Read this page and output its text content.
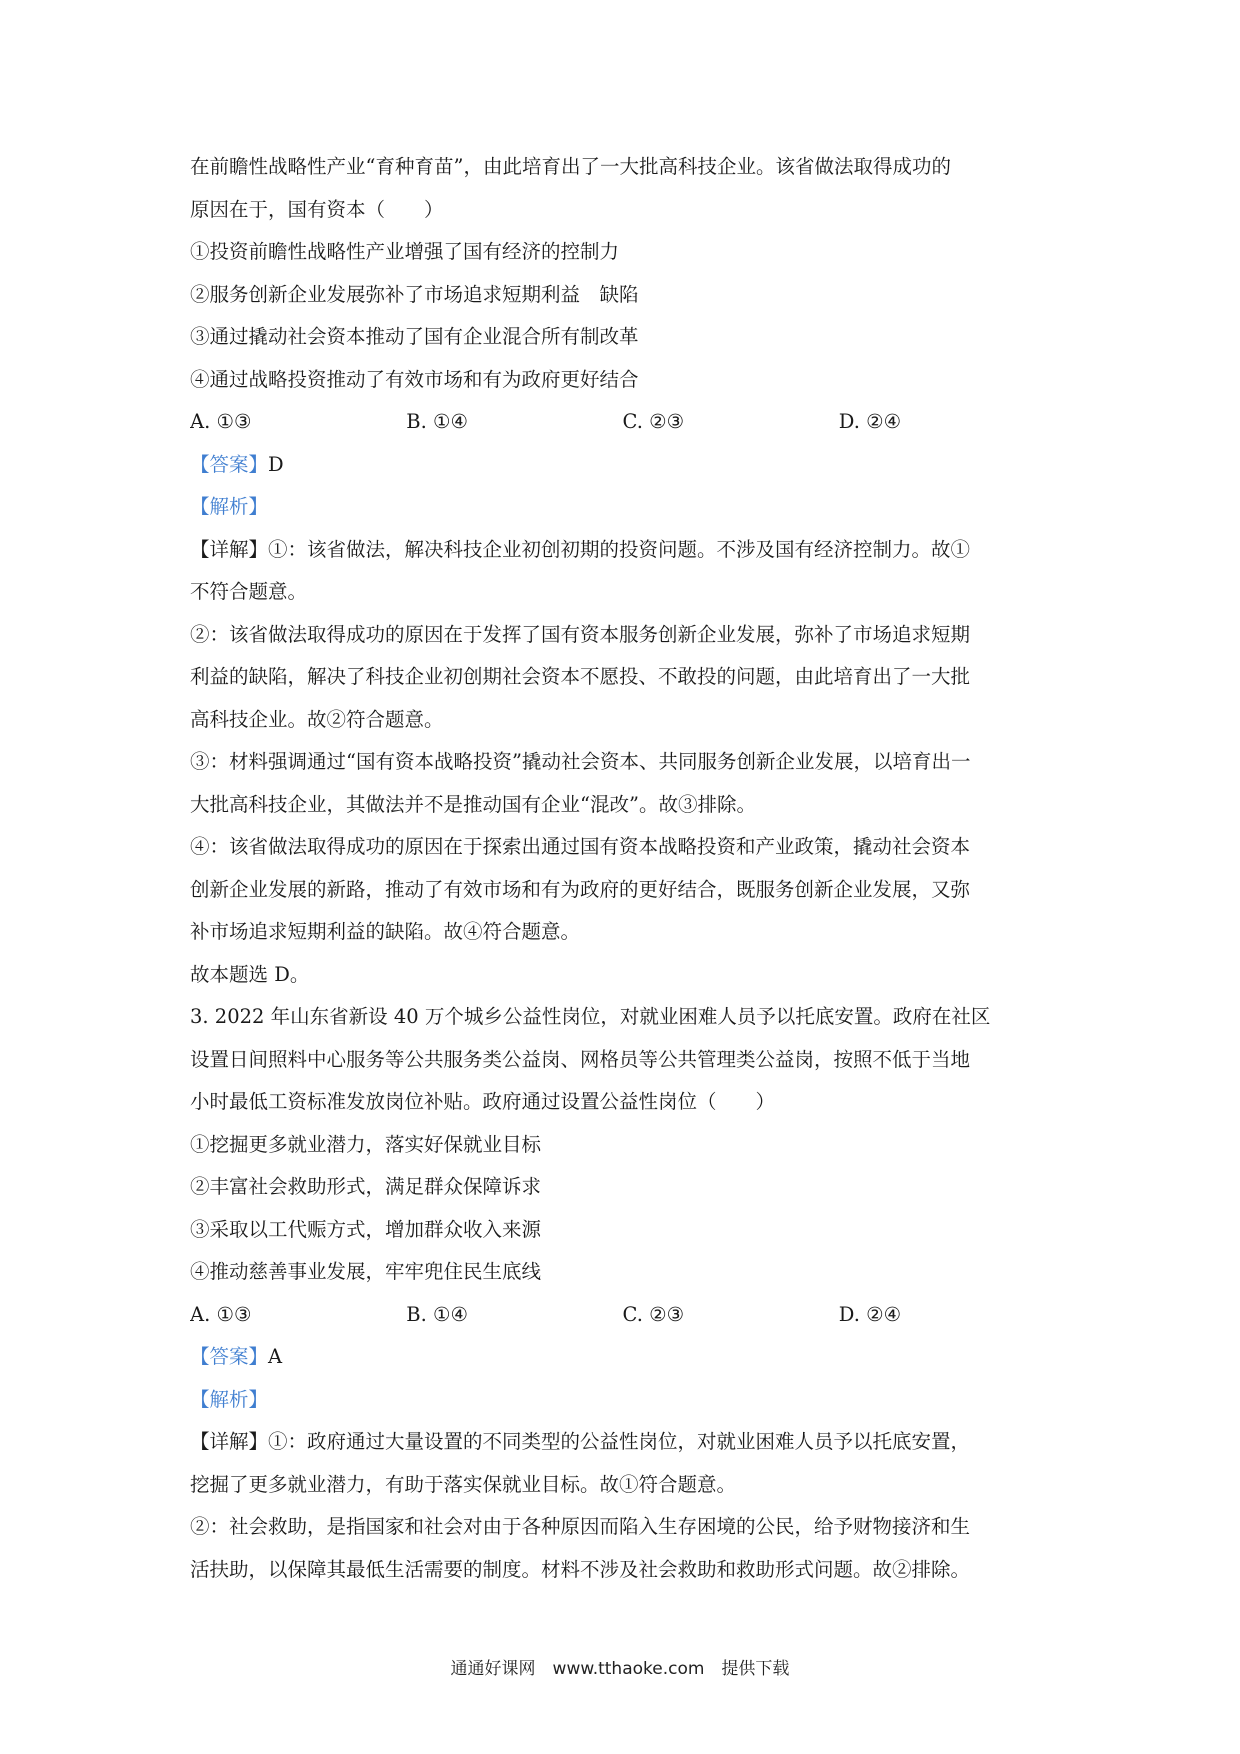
在前瞻性战略性产业“育种育苗”，由此培育出了一大批高科技企业。该省做法取得成功的
原因在于，国有资本（　　）
①投资前瞻性战略性产业增强了国有经济的控制力
②服务创新企业发展弥补了市场追求短期利益　缺陷
③通过撬动社会资本推动了国有企业混合所有制改革
④通过战略投资推动了有效市场和有为政府更好结合
A. ①③	B. ①④	C. ②③	D. ②④
【答案】D
【解析】
【详解】①：该省做法，解决科技企业初创初期的投资问题。不涉及国有经济控制力。故①
不符合题意。
②：该省做法取得成功的原因在于发挥了国有资本服务创新企业发展，弥补了市场追求短期
利益的缺陷，解决了科技企业初创期社会资本不愿投、不敢投的问题，由此培育出了一大批
高科技企业。故②符合题意。
③：材料强调通过“国有资本战略投资”撬动社会资本、共同服务创新企业发展，以培育出一
大批高科技企业，其做法并不是推动国有企业“混改”。故③排除。
④：该省做法取得成功的原因在于探索出通过国有资本战略投资和产业政策，撬动社会资本
创新企业发展的新路，推动了有效市场和有为政府的更好结合，既服务创新企业发展，又弥
补市场追求短期利益的缺陷。故④符合题意。
故本题选 D。
3. 2022 年山东省新设 40 万个城乡公益性岗位，对就业困难人员予以托底安置。政府在社区
设置日间照料中心服务等公共服务类公益岗、网格员等公共管理类公益岗，按照不低于当地
小时最低工资标准发放岗位补贴。政府通过设置公益性岗位（　　）
①挖掘更多就业潜力，落实好保就业目标
②丰富社会救助形式，满足群众保障诉求
③采取以工代赈方式，增加群众收入来源
④推动慈善事业发展，牢牢兜住民生底线
A. ①③	B. ①④	C. ②③	D. ②④
【答案】A
【解析】
【详解】①：政府通过大量设置的不同类型的公益性岗位，对就业困难人员予以托底安置，
挖掘了更多就业潜力，有助于落实保就业目标。故①符合题意。
②：社会救助，是指国家和社会对由于各种原因而陷入生存困境的公民，给予财物接济和生
活扶助，以保障其最低生活需要的制度。材料不涉及社会救助和救助形式问题。故②排除。
通通好课网　www.tthaoke.com　提供下载
